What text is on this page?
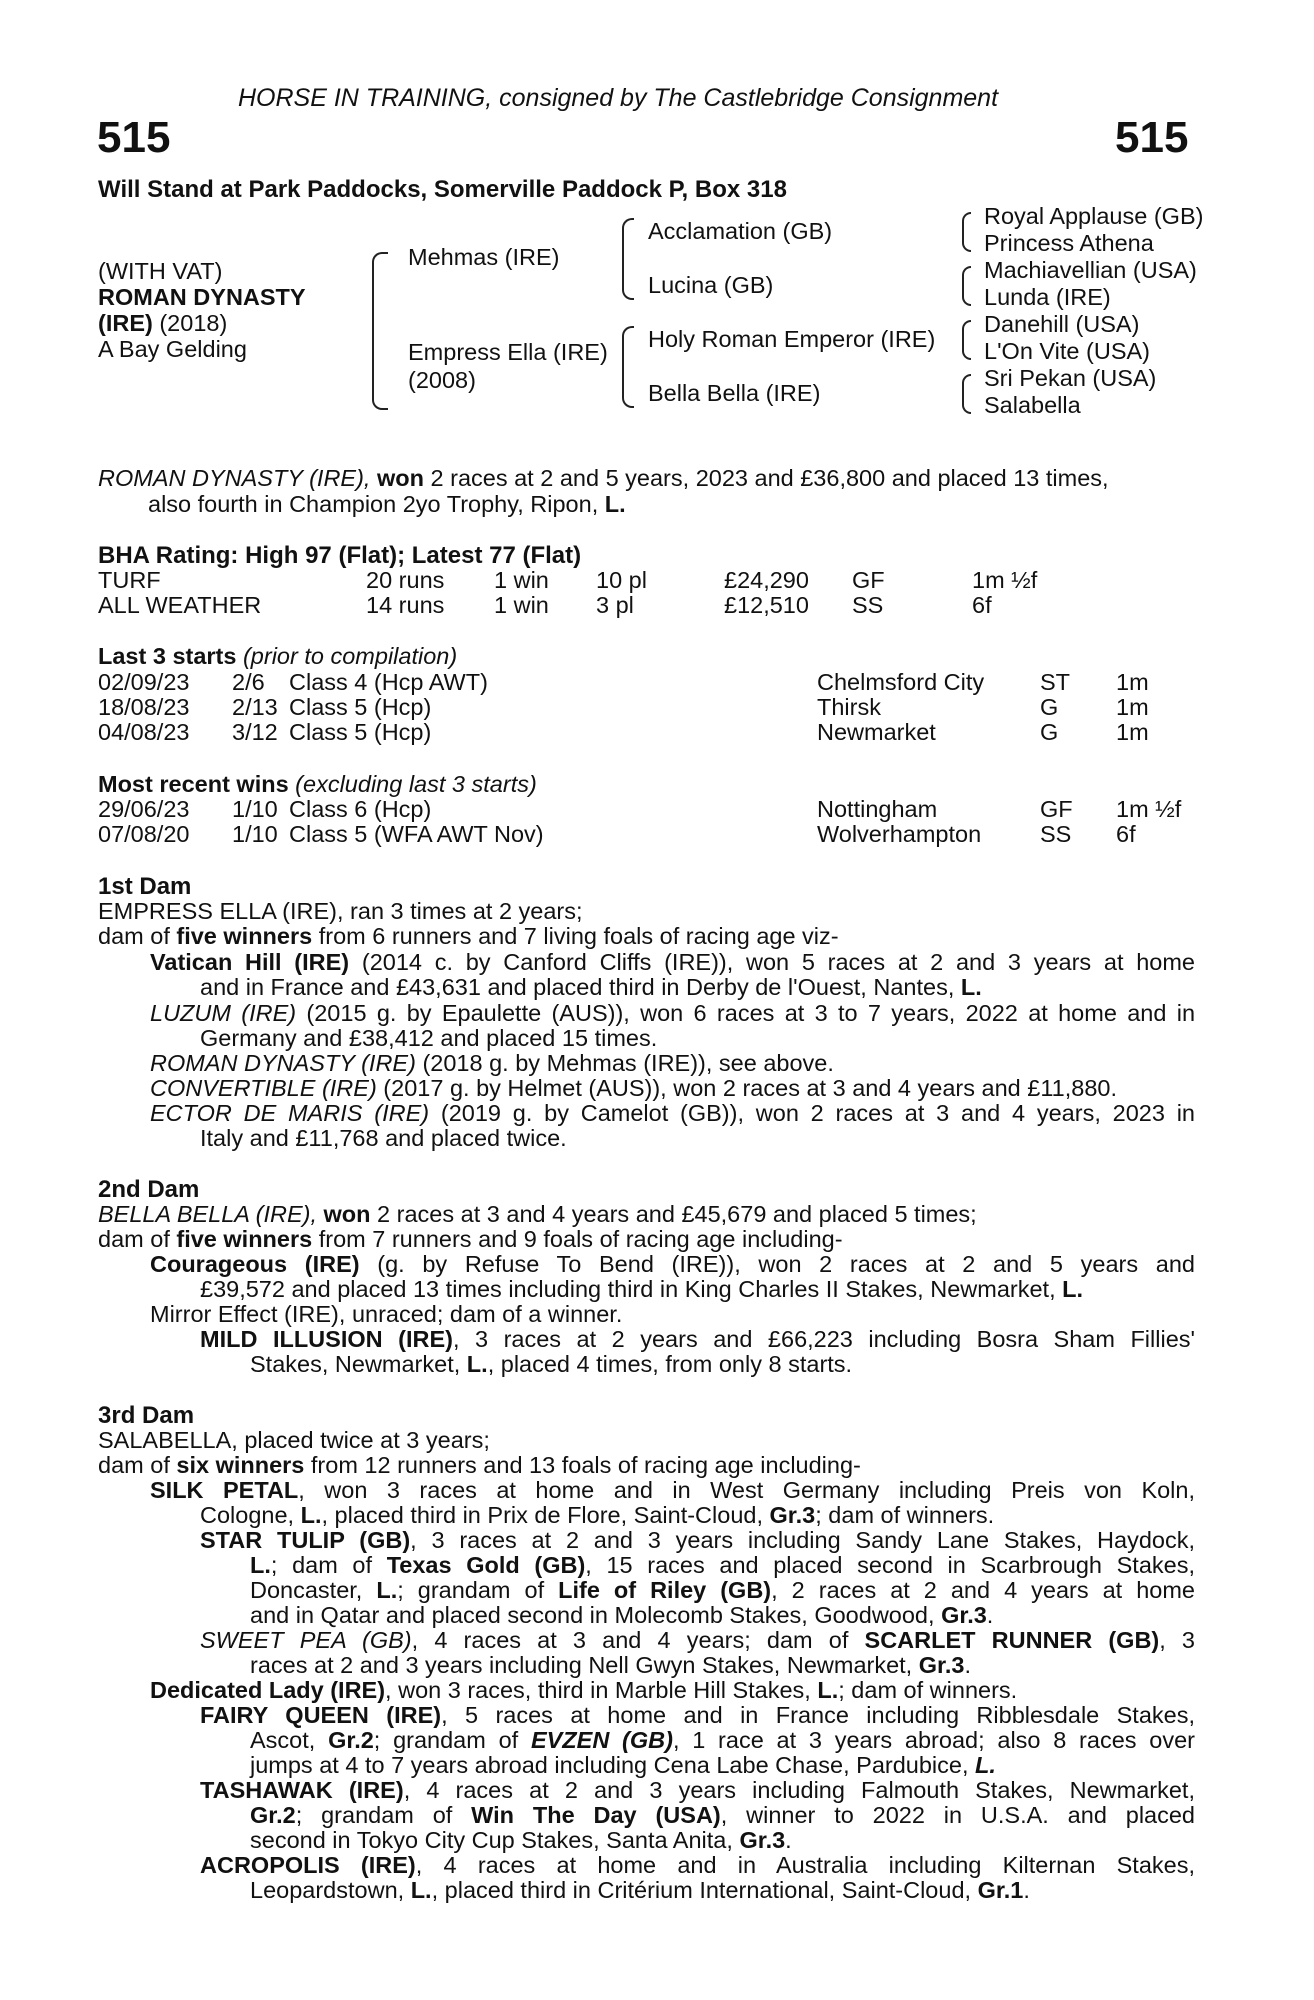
HORSE IN TRAINING, consigned by The Castlebridge Consignment
515	515
Will Stand at Park Paddocks, Somerville Paddock P, Box 318
(WITH VAT)
ROMAN DYNASTY
(IRE) (2018)
A Bay Gelding
Mehmas (IRE)
Empress Ella (IRE)
(2008)
Acclamation (GB)
Lucina (GB)
Holy Roman Emperor (IRE)
Bella Bella (IRE)
Royal Applause (GB)
Princess Athena
Machiavellian (USA)
Lunda (IRE)
Danehill (USA)
L'On Vite (USA)
Sri Pekan (USA)
Salabella
ROMAN DYNASTY (IRE), won 2 races at 2 and 5 years, 2023 and £36,800 and placed 13 times,
also fourth in Champion 2yo Trophy, Ripon, L.
BHA Rating: High 97 (Flat); Latest 77 (Flat)
TURF	20 runs 1 win 10 pl	£24,290 GF	1m ½f
ALL WEATHER	14 runs 1 win 3 pl	£12,510 SS	6f
Last 3 starts (prior to compilation)
02/09/23 2/6 Class 4 (Hcp AWT)	Chelmsford City ST 1m
18/08/23 2/13 Class 5 (Hcp)	Thirsk	G 1m
04/08/23 3/12 Class 5 (Hcp)	Newmarket	G 1m
Most recent wins (excluding last 3 starts)
29/06/23 1/10 Class 6 (Hcp)	Nottingham	GF 1m ½f
07/08/20 1/10 Class 5 (WFA AWT Nov)	Wolverhampton	SS 6f
1st Dam
EMPRESS ELLA (IRE), ran 3 times at 2 years;
dam of five winners from 6 runners and 7 living foals of racing age viz-
Vatican Hill (IRE) (2014 c. by Canford Cliffs (IRE)), won 5 races at 2 and 3 years at home
and in France and £43,631 and placed third in Derby de l'Ouest, Nantes, L.
LUZUM (IRE) (2015 g. by Epaulette (AUS)), won 6 races at 3 to 7 years, 2022 at home and in
Germany and £38,412 and placed 15 times.
ROMAN DYNASTY (IRE) (2018 g. by Mehmas (IRE)), see above.
CONVERTIBLE (IRE) (2017 g. by Helmet (AUS)), won 2 races at 3 and 4 years and £11,880.
ECTOR DE MARIS (IRE) (2019 g. by Camelot (GB)), won 2 races at 3 and 4 years, 2023 in
Italy and £11,768 and placed twice.
2nd Dam
BELLA BELLA (IRE), won 2 races at 3 and 4 years and £45,679 and placed 5 times;
dam of five winners from 7 runners and 9 foals of racing age including-
Courageous (IRE) (g. by Refuse To Bend (IRE)), won 2 races at 2 and 5 years and
£39,572 and placed 13 times including third in King Charles II Stakes, Newmarket, L.
Mirror Effect (IRE), unraced; dam of a winner.
MILD ILLUSION (IRE), 3 races at 2 years and £66,223 including Bosra Sham Fillies'
Stakes, Newmarket, L., placed 4 times, from only 8 starts.
3rd Dam
SALABELLA, placed twice at 3 years;
dam of six winners from 12 runners and 13 foals of racing age including-
SILK PETAL, won 3 races at home and in West Germany including Preis von Koln,
Cologne, L., placed third in Prix de Flore, Saint-Cloud, Gr.3; dam of winners.
STAR TULIP (GB), 3 races at 2 and 3 years including Sandy Lane Stakes, Haydock,
L.; dam of Texas Gold (GB), 15 races and placed second in Scarbrough Stakes,
Doncaster, L.; grandam of Life of Riley (GB), 2 races at 2 and 4 years at home
and in Qatar and placed second in Molecomb Stakes, Goodwood, Gr.3.
SWEET PEA (GB), 4 races at 3 and 4 years; dam of SCARLET RUNNER (GB), 3
races at 2 and 3 years including Nell Gwyn Stakes, Newmarket, Gr.3.
Dedicated Lady (IRE), won 3 races, third in Marble Hill Stakes, L.; dam of winners.
FAIRY QUEEN (IRE), 5 races at home and in France including Ribblesdale Stakes,
Ascot, Gr.2; grandam of EVZEN (GB), 1 race at 3 years abroad; also 8 races over
jumps at 4 to 7 years abroad including Cena Labe Chase, Pardubice, L.
TASHAWAK (IRE), 4 races at 2 and 3 years including Falmouth Stakes, Newmarket,
Gr.2; grandam of Win The Day (USA), winner to 2022 in U.S.A. and placed
second in Tokyo City Cup Stakes, Santa Anita, Gr.3.
ACROPOLIS (IRE), 4 races at home and in Australia including Kilternan Stakes,
Leopardstown, L., placed third in Critérium International, Saint-Cloud, Gr.1.
